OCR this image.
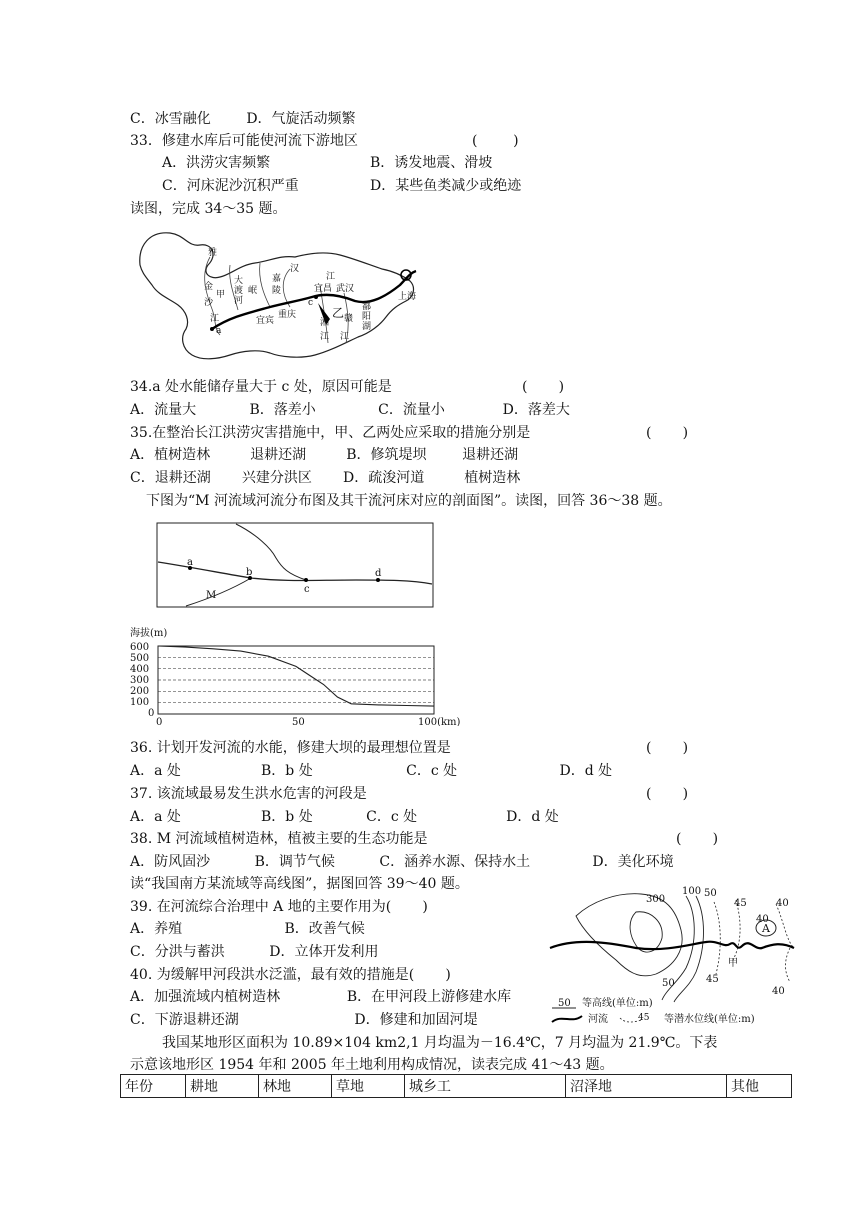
C．冰雪融化        D．气旋活动频繁
33．修建水库后可能使河流下游地区	(        )
A．洪涝灾害频繁	B．诱发地震、滑坡
C．河床泥沙沉积严重	D．某些鱼类减少或绝迹
读图，完成 34～35 题。
雅
金
沙
江
甲
大
渡
河
岷
嘉
陵
汉
江
宜宾
重庆
宜昌 武汉
湘
江
赣
江
乙 鄱
阳
湖
上海
a
c
34.a 处水能储存量大于 c 处，原因可能是	(       )
A．流量大            B．落差小              C．流量小             D．落差大
35.在整治长江洪涝灾害措施中，甲、乙两处应采取的措施分别是	(       )
A．植树造林         退耕还湖         B．修筑堤坝        退耕还湖
C．退耕还湖       兴建分洪区       D．疏浚河道         植树造林
下图为“M 河流域河流分布图及其干流河床对应的剖面图”。读图，回答 36～38 题。
a
b
c
d
M
海拔(m)
600
500
400
300
200
100
0
0	50	100(km)
36. 计划开发河流的水能，修建大坝的最理想位置是	(       )
A．a 处                  B．b 处                     C．c 处                       D．d 处
37. 该流域最易发生洪水危害的河段是	(       )
A．a 处                  B．b 处            C．c 处                    D．d 处
38. M 河流域植树造林，植被主要的生态功能是	(       )
A．防风固沙          B．调节气候          C．涵养水源、保持水土              D．美化环境
读“我国南方某流域等高线图”，据图回答 39～40 题。
39. 在河流综合治理中 A 地的主要作用为(       )
A．养殖                       B．改善气候
C．分洪与蓄洪          D．立体开发利用
40. 为缓解甲河段洪水泛滥，最有效的措施是(       )
A．加强流域内植树造林               B．在甲河段上游修建水库
C．下游退耕还湖                          D．修建和加固河堤
300
100 50
45
40
40
A
甲
45
50
40
50 等高线(单位:m)
河流	45 等潜水位线(单位:m)
我国某地形区面积为 10.89×104 km2,1 月均温为－16.4℃，7 月均温为 21.9℃。下表
示意该地形区 1954 年和 2005 年土地利用构成情况，读表完成 41～43 题。
年份	耕地	林地	草地	城乡工	沼泽地	其他
